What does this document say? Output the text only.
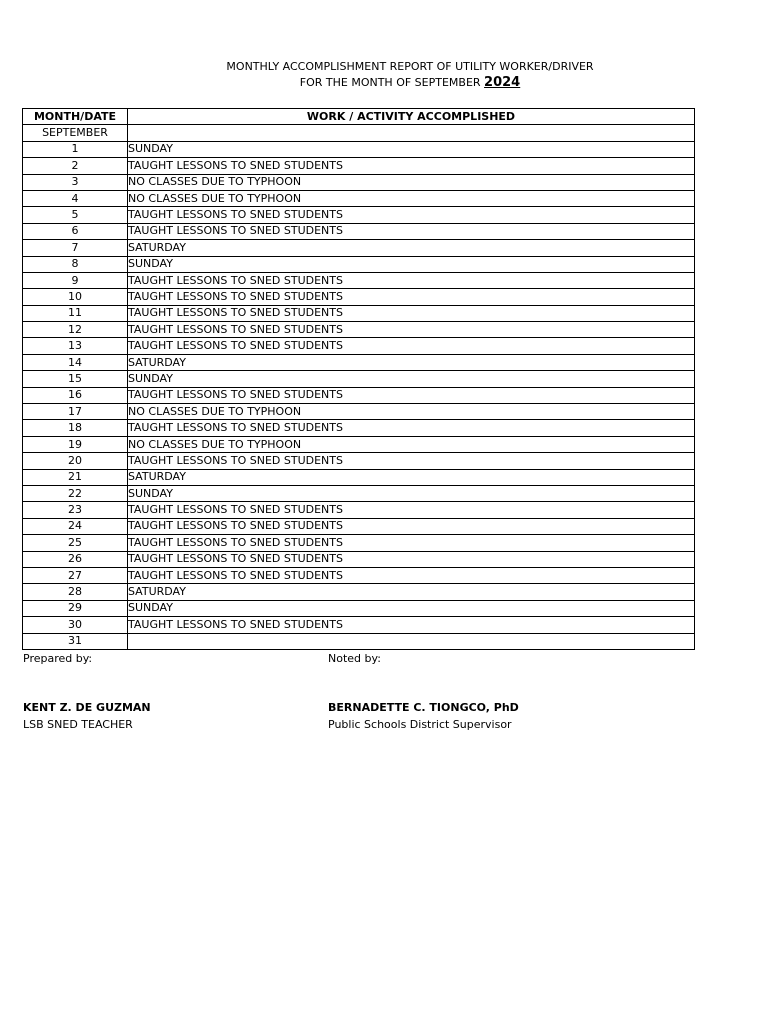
MONTHLY ACCOMPLISHMENT REPORT OF UTILITY WORKER/DRIVER
FOR THE MONTH OF SEPTEMBER 2024
MONTH/DATE	WORK / ACTIVITY ACCOMPLISHED
SEPTEMBER	
1	SUNDAY
2	TAUGHT LESSONS TO SNED STUDENTS
3	NO CLASSES DUE TO TYPHOON
4	NO CLASSES DUE TO TYPHOON
5	TAUGHT LESSONS TO SNED STUDENTS
6	TAUGHT LESSONS TO SNED STUDENTS
7	SATURDAY
8	SUNDAY
9	TAUGHT LESSONS TO SNED STUDENTS
10	TAUGHT LESSONS TO SNED STUDENTS
11	TAUGHT LESSONS TO SNED STUDENTS
12	TAUGHT LESSONS TO SNED STUDENTS
13	TAUGHT LESSONS TO SNED STUDENTS
14	SATURDAY
15	SUNDAY
16	TAUGHT LESSONS TO SNED STUDENTS
17	NO CLASSES DUE TO TYPHOON
18	TAUGHT LESSONS TO SNED STUDENTS
19	NO CLASSES DUE TO TYPHOON
20	TAUGHT LESSONS TO SNED STUDENTS
21	SATURDAY
22	SUNDAY
23	TAUGHT LESSONS TO SNED STUDENTS
24	TAUGHT LESSONS TO SNED STUDENTS
25	TAUGHT LESSONS TO SNED STUDENTS
26	TAUGHT LESSONS TO SNED STUDENTS
27	TAUGHT LESSONS TO SNED STUDENTS
28	SATURDAY
29	SUNDAY
30	TAUGHT LESSONS TO SNED STUDENTS
31	
Prepared by:	Noted by:
KENT Z. DE GUZMAN
LSB SNED TEACHER
BERNADETTE C. TIONGCO, PhD
Public Schools District Supervisor
